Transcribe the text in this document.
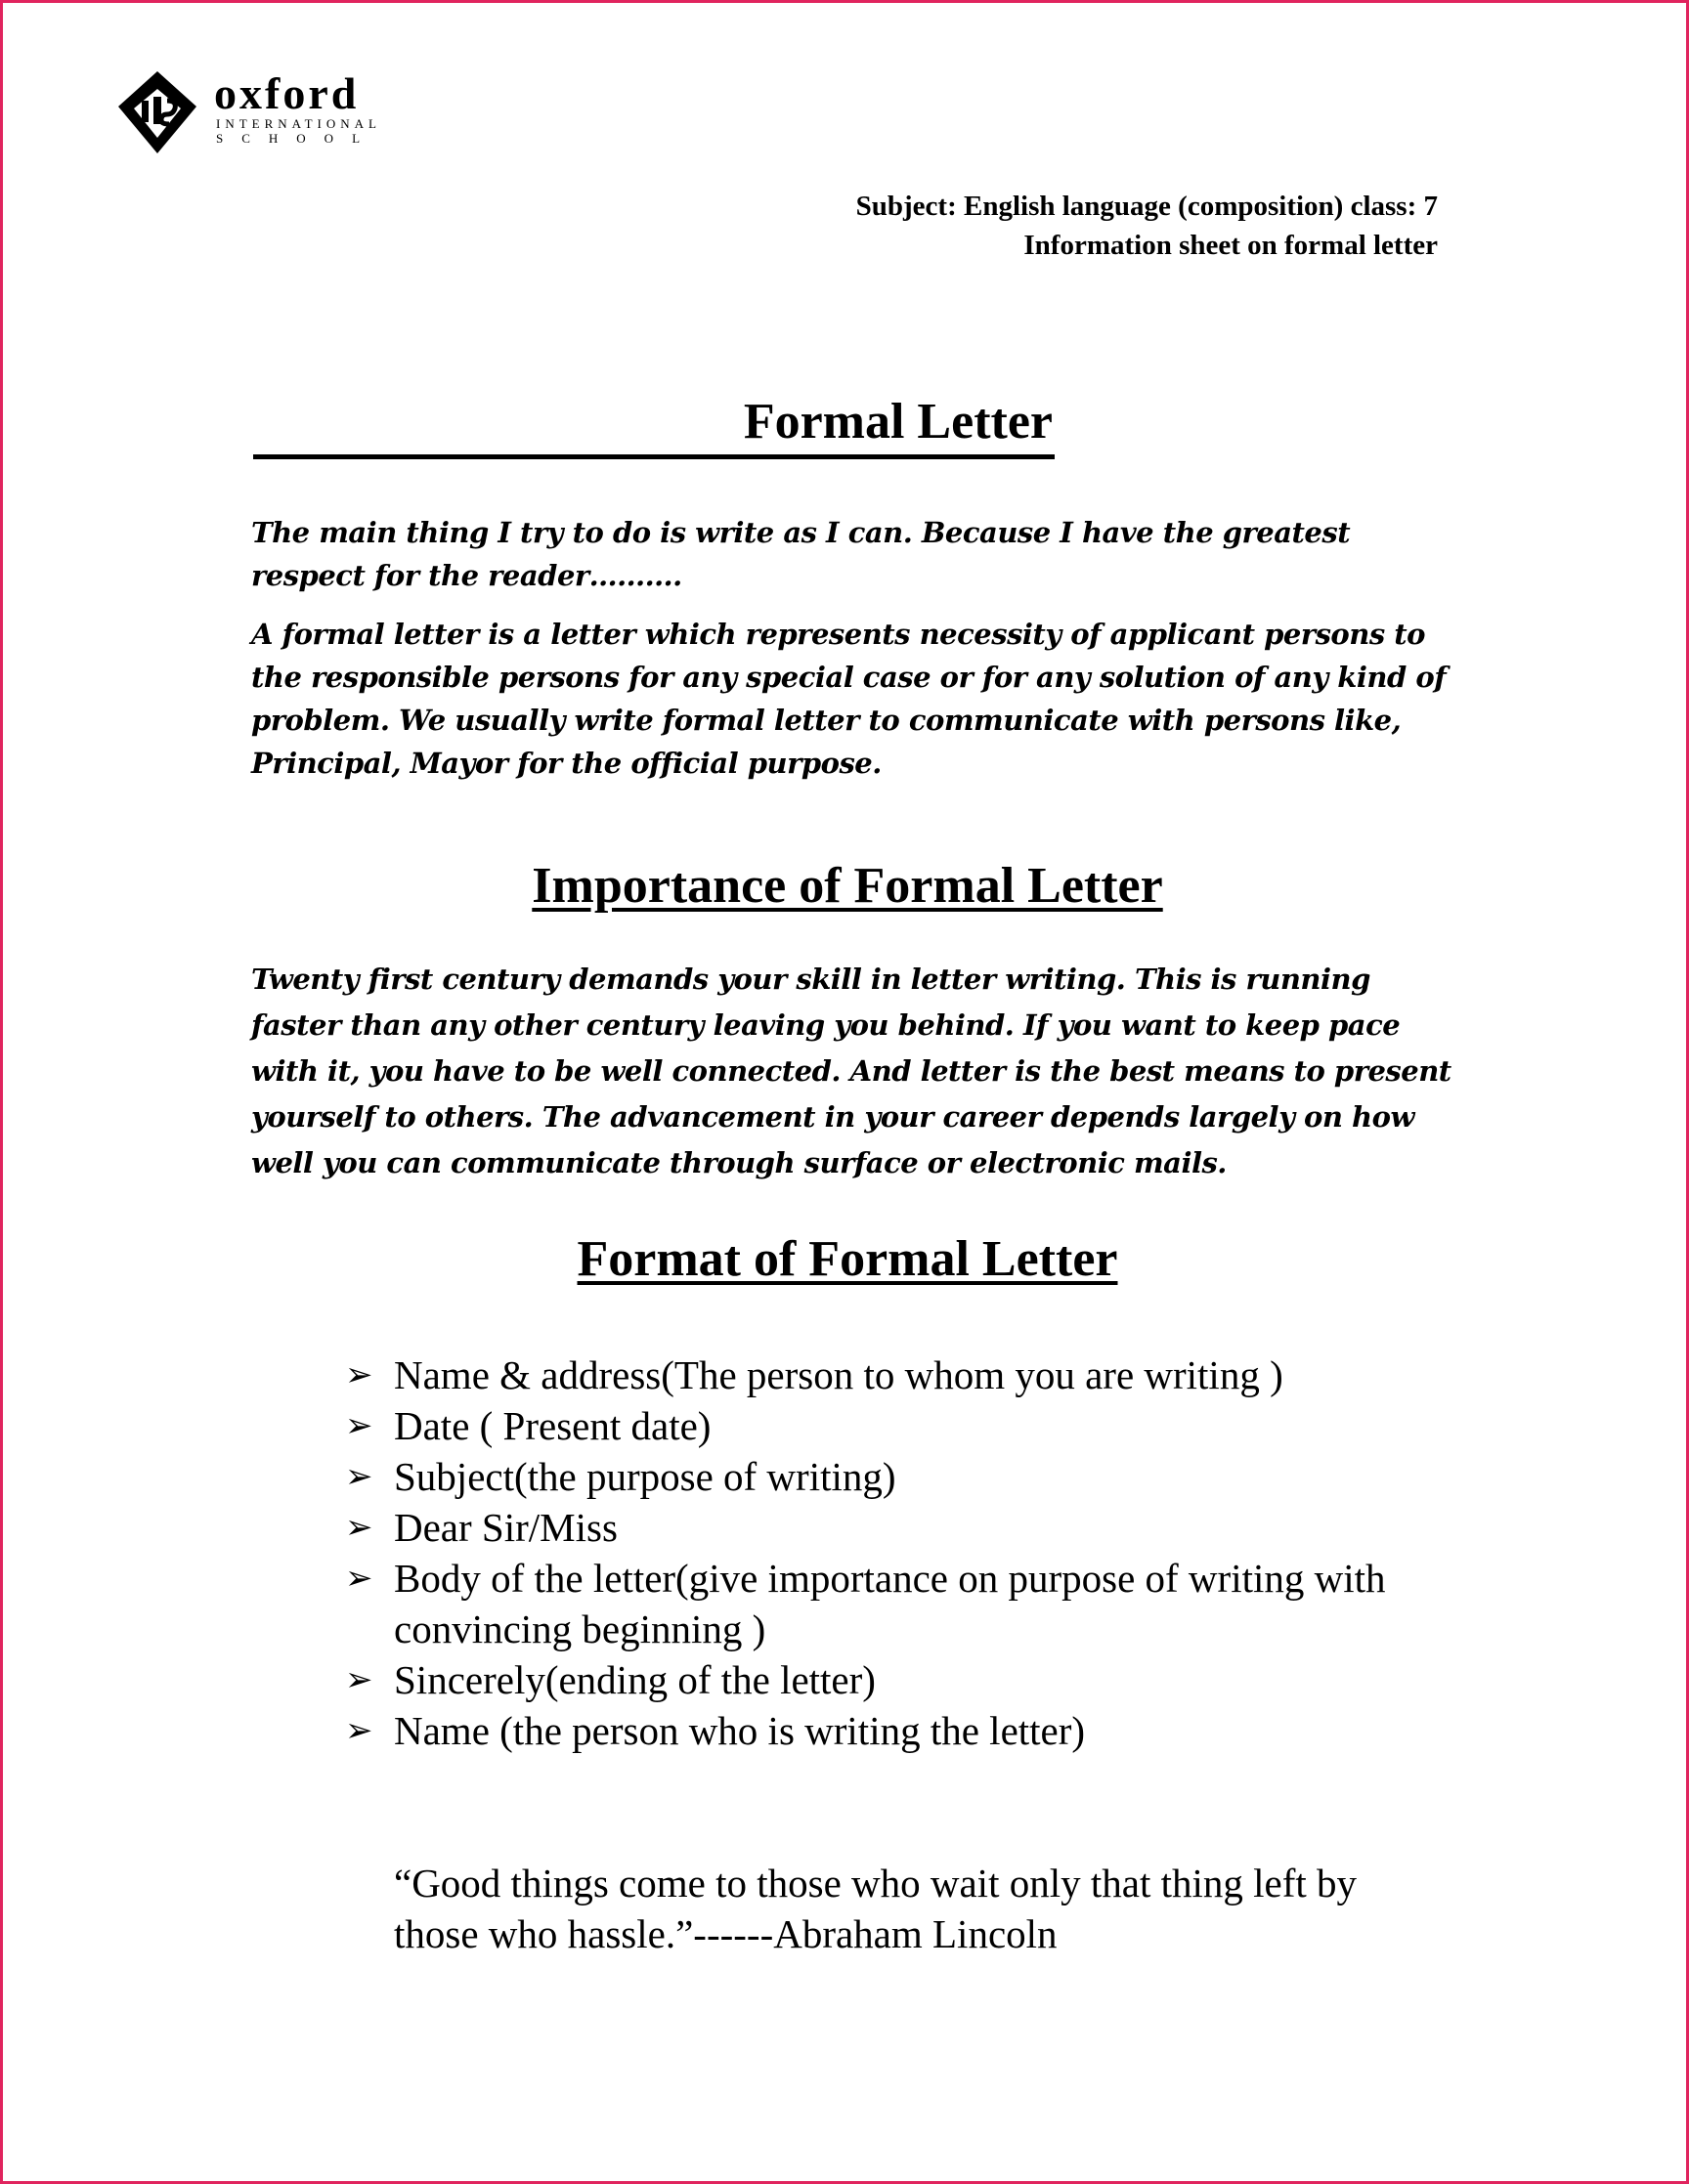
oxford
INTERNATIONAL
SCHOOL
Subject: English language (composition) class: 7
Information sheet on formal letter
Formal Letter

The main thing I try to do is write as I can. Because I have the greatest respect for the reader……….

A formal letter is a letter which represents necessity of applicant persons to the responsible persons for any special case or for any solution of any kind of problem. We usually write formal letter to communicate with persons like, Principal, Mayor for the official purpose.

Importance of Formal Letter

Twenty first century demands your skill in letter writing. This is running faster than any other century leaving you behind. If you want to keep pace with it, you have to be well connected. And letter is the best means to present yourself to others. The advancement in your career depends largely on how well you can communicate through surface or electronic mails.

Format of Formal Letter
➢ Name & address(The person to whom you are writing )
➢ Date ( Present date)
➢ Subject(the purpose of writing)
➢ Dear Sir/Miss
➢ Body of the letter(give importance on purpose of writing with convincing beginning )
➢ Sincerely(ending of the letter)
➢ Name (the person who is writing the letter)
“Good things come to those who wait only that thing left by those who hassle.”------Abraham Lincoln
